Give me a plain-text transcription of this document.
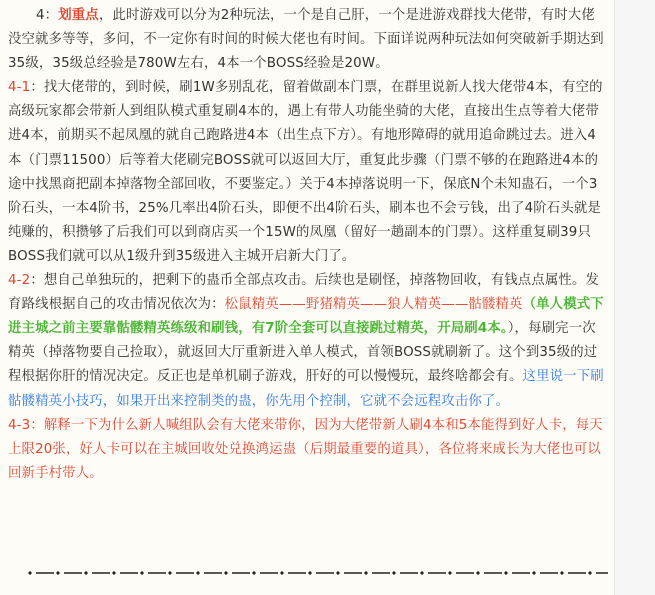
4：划重点，此时游戏可以分为2种玩法，一个是自己肝，一个是进游戏群找大佬带，有时大佬没空就多等等，多问，不一定你有时间的时候大佬也有时间。下面详说两种玩法如何突破新手期达到35级，35级总经验是780W左右，4本一个BOSS经验是20W。

4-1：找大佬带的，到时候，刷1W多别乱花，留着做副本门票，在群里说新人找大佬带4本，有空的高级玩家都会带新人到组队模式重复刷4本的，遇上有带人功能坐骑的大佬，直接出生点等着大佬带进4本，前期买不起凤凰的就自己跑路进4本（出生点下方）。有地形障碍的就用追命跳过去。进入4本（门票11500）后等着大佬刷完BOSS就可以返回大厅，重复此步骤（门票不够的在跑路进4本的途中找黑商把副本掉落物全部回收，不要鉴定。）关于4本掉落说明一下，保底N个未知蛊石，一个3阶石头，一本4阶书，25%几率出4阶石头，即便不出4阶石头，刷本也不会亏钱，出了4阶石头就是纯赚的，积攒够了后我们可以到商店买一个15W的凤凰（留好一趟副本的门票）。这样重复刷39只BOSS我们就可以从1级升到35级进入主城开启新大门了。

4-2：想自己单独玩的，把剩下的蛊币全部点攻击。后续也是刷怪，掉落物回收，有钱点点属性。发育路线根据自己的攻击情况依次为：松鼠精英——野猪精英——狼人精英——骷髅精英（单人模式下进主城之前主要靠骷髅精英练级和刷钱，有7阶全套可以直接跳过精英，开局刷4本。），每刷完一次精英（掉落物要自己捡取），就返回大厅重新进入单人模式，首领BOSS就刷新了。这个到35级的过程根据你肝的情况决定。反正也是单机刷子游戏，肝好的可以慢慢玩，最终啥都会有。这里说一下刷骷髅精英小技巧，如果开出来控制类的蛊，你先用个控制，它就不会远程攻击你了。

4-3：解释一下为什么新人喊组队会有大佬来带你，因为大佬带新人刷4本和5本能得到好人卡，每天上限20张，好人卡可以在主城回收处兑换鸿运蛊（后期最重要的道具），各位将来成长为大佬也可以回新手村带人。
